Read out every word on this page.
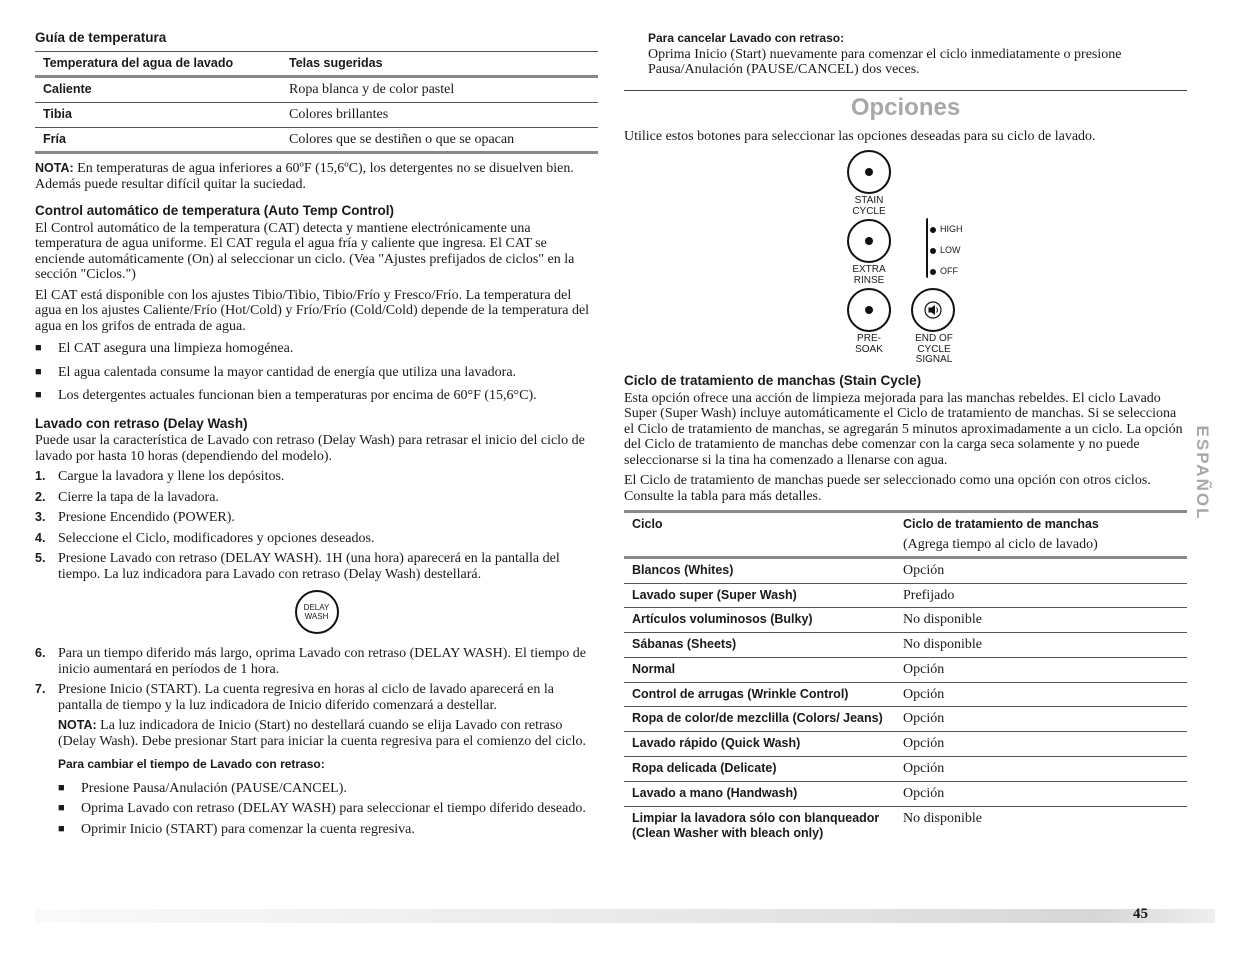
Guía de temperatura
Temperatura del agua de lavado	Telas sugeridas
Caliente	Ropa blanca y de color pastel
Tibia	Colores brillantes
Fría	Colores que se destiñen o que se opacan

NOTA: En temperaturas de agua inferiores a 60ºF (15,6ºC), los detergentes no se disuelven bien. Además puede resultar difícil quitar la suciedad.

Control automático de temperatura (Auto Temp Control)

El Control automático de la temperatura (CAT) detecta y mantiene electrónicamente una temperatura de agua uniforme. El CAT regula el agua fría y caliente que ingresa. El CAT se enciende automáticamente (On) al seleccionar un ciclo. (Vea "Ajustes prefijados de ciclos" en la sección "Ciclos.")

El CAT está disponible con los ajustes Tibio/Tibio, Tibio/Frío y Fresco/Frío. La temperatura del agua en los ajustes Caliente/Frío (Hot/Cold) y Frío/Frío (Cold/Cold) depende de la temperatura del agua en los grifos de entrada de agua.

■ El CAT asegura una limpieza homogénea.
■ El agua calentada consume la mayor cantidad de energía que utiliza una lavadora.
■ Los detergentes actuales funcionan bien a temperaturas por encima de 60°F (15,6°C).
Lavado con retraso (Delay Wash)

Puede usar la característica de Lavado con retraso (Delay Wash) para retrasar el inicio del ciclo de lavado por hasta 10 horas (dependiendo del modelo).

1. Cargue la lavadora y llene los depósitos.
2. Cierre la tapa de la lavadora.
3. Presione Encendido (POWER).
4. Seleccione el Ciclo, modificadores y opciones deseados.
5. Presione Lavado con retraso (DELAY WASH). 1H (una hora) aparecerá en la pantalla del tiempo. La luz indicadora para Lavado con retraso (Delay Wash) destellará.
DELAY
WASH
6. Para un tiempo diferido más largo, oprima Lavado con retraso (DELAY WASH). El tiempo de inicio aumentará en períodos de 1 hora.
7. Presione Inicio (START). La cuenta regresiva en horas al ciclo de lavado aparecerá en la pantalla de tiempo y la luz indicadora de Inicio diferido comenzará a destellar.

NOTA: La luz indicadora de Inicio (Start) no destellará cuando se elija Lavado con retraso (Delay Wash). Debe presionar Start para iniciar la cuenta regresiva para el comienzo del ciclo.

Para cambiar el tiempo de Lavado con retraso:
■ Presione Pausa/Anulación (PAUSE/CANCEL).
■ Oprima Lavado con retraso (DELAY WASH) para seleccionar el tiempo diferido deseado.
■ Oprimir Inicio (START) para comenzar la cuenta regresiva.
Para cancelar Lavado con retraso:

Oprima Inicio (Start) nuevamente para comenzar el ciclo inmediatamente o presione Pausa/Anulación (PAUSE/CANCEL) dos veces.

Opciones

Utilice estos botones para seleccionar las opciones deseadas para su ciclo de lavado.

STAIN
CYCLE
EXTRA
RINSE
PRE-
SOAK
HIGH
LOW
OFF
END OF
CYCLE
SIGNAL
Ciclo de tratamiento de manchas (Stain Cycle)

Esta opción ofrece una acción de limpieza mejorada para las manchas rebeldes. El ciclo Lavado Super (Super Wash) incluye automáticamente el Ciclo de tratamiento de manchas. Si se selecciona el Ciclo de tratamiento de manchas, se agregarán 5 minutos aproximadamente a un ciclo. La opción del Ciclo de tratamiento de manchas debe comenzar con la carga seca solamente y no puede seleccionarse si la tina ha comenzado a llenarse con agua.

El Ciclo de tratamiento de manchas puede ser seleccionado como una opción con otros ciclos. Consulte la tabla para más detalles.

Ciclo	Ciclo de tratamiento de manchas
(Agrega tiempo al ciclo de lavado)

Blancos (Whites)	Opción
Lavado super (Super Wash)	Prefijado
Artículos voluminosos (Bulky)	No disponible
Sábanas (Sheets)	No disponible
Normal	Opción
Control de arrugas (Wrinkle Control)	Opción
Ropa de color/de mezclilla (Colors/ Jeans)	Opción
Lavado rápido (Quick Wash)	Opción
Ropa delicada (Delicate)	Opción
Lavado a mano (Handwash)	Opción
Limpiar la lavadora sólo con blanqueador (Clean Washer with bleach only)	No disponible
ESPAÑOL
45
